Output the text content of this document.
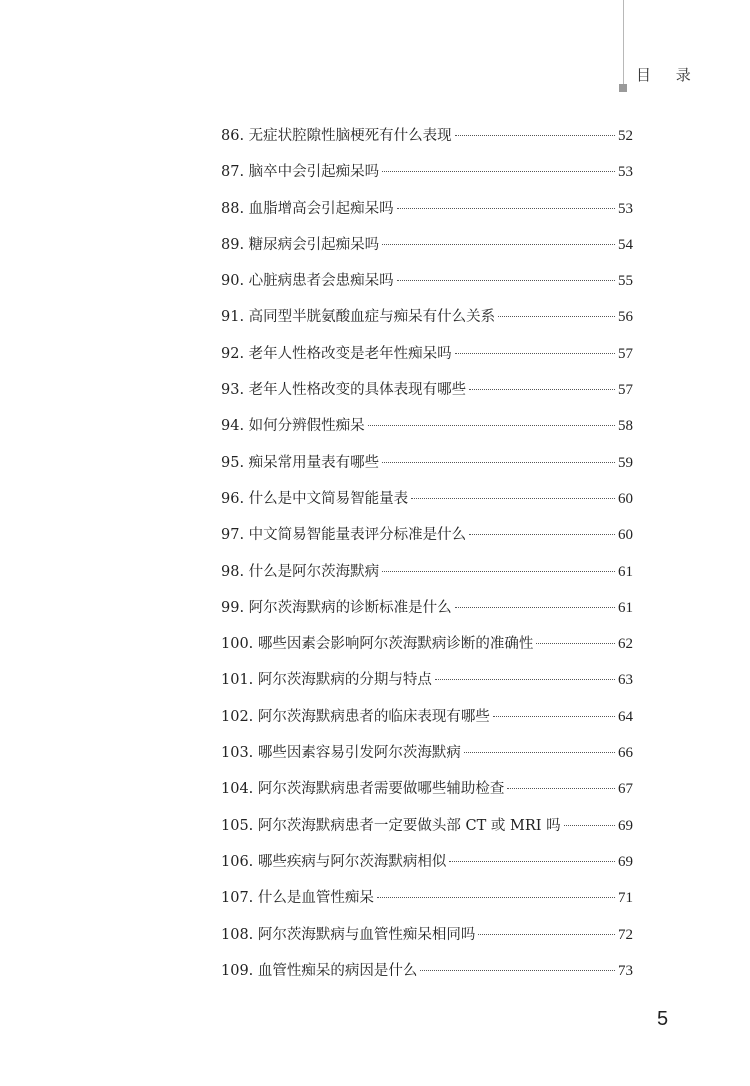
目 录
86. 无症状腔隙性脑梗死有什么表现	52
87. 脑卒中会引起痴呆吗	53
88. 血脂增高会引起痴呆吗	53
89. 糖尿病会引起痴呆吗	54
90. 心脏病患者会患痴呆吗	55
91. 高同型半胱氨酸血症与痴呆有什么关系	56
92. 老年人性格改变是老年性痴呆吗	57
93. 老年人性格改变的具体表现有哪些	57
94. 如何分辨假性痴呆	58
95. 痴呆常用量表有哪些	59
96. 什么是中文简易智能量表	60
97. 中文简易智能量表评分标准是什么	60
98. 什么是阿尔茨海默病	61
99. 阿尔茨海默病的诊断标准是什么	61
100. 哪些因素会影响阿尔茨海默病诊断的准确性	62
101. 阿尔茨海默病的分期与特点	63
102. 阿尔茨海默病患者的临床表现有哪些	64
103. 哪些因素容易引发阿尔茨海默病	66
104. 阿尔茨海默病患者需要做哪些辅助检查	67
105. 阿尔茨海默病患者一定要做头部 CT 或 MRI 吗	69
106. 哪些疾病与阿尔茨海默病相似	69
107. 什么是血管性痴呆	71
108. 阿尔茨海默病与血管性痴呆相同吗	72
109. 血管性痴呆的病因是什么	73
5
